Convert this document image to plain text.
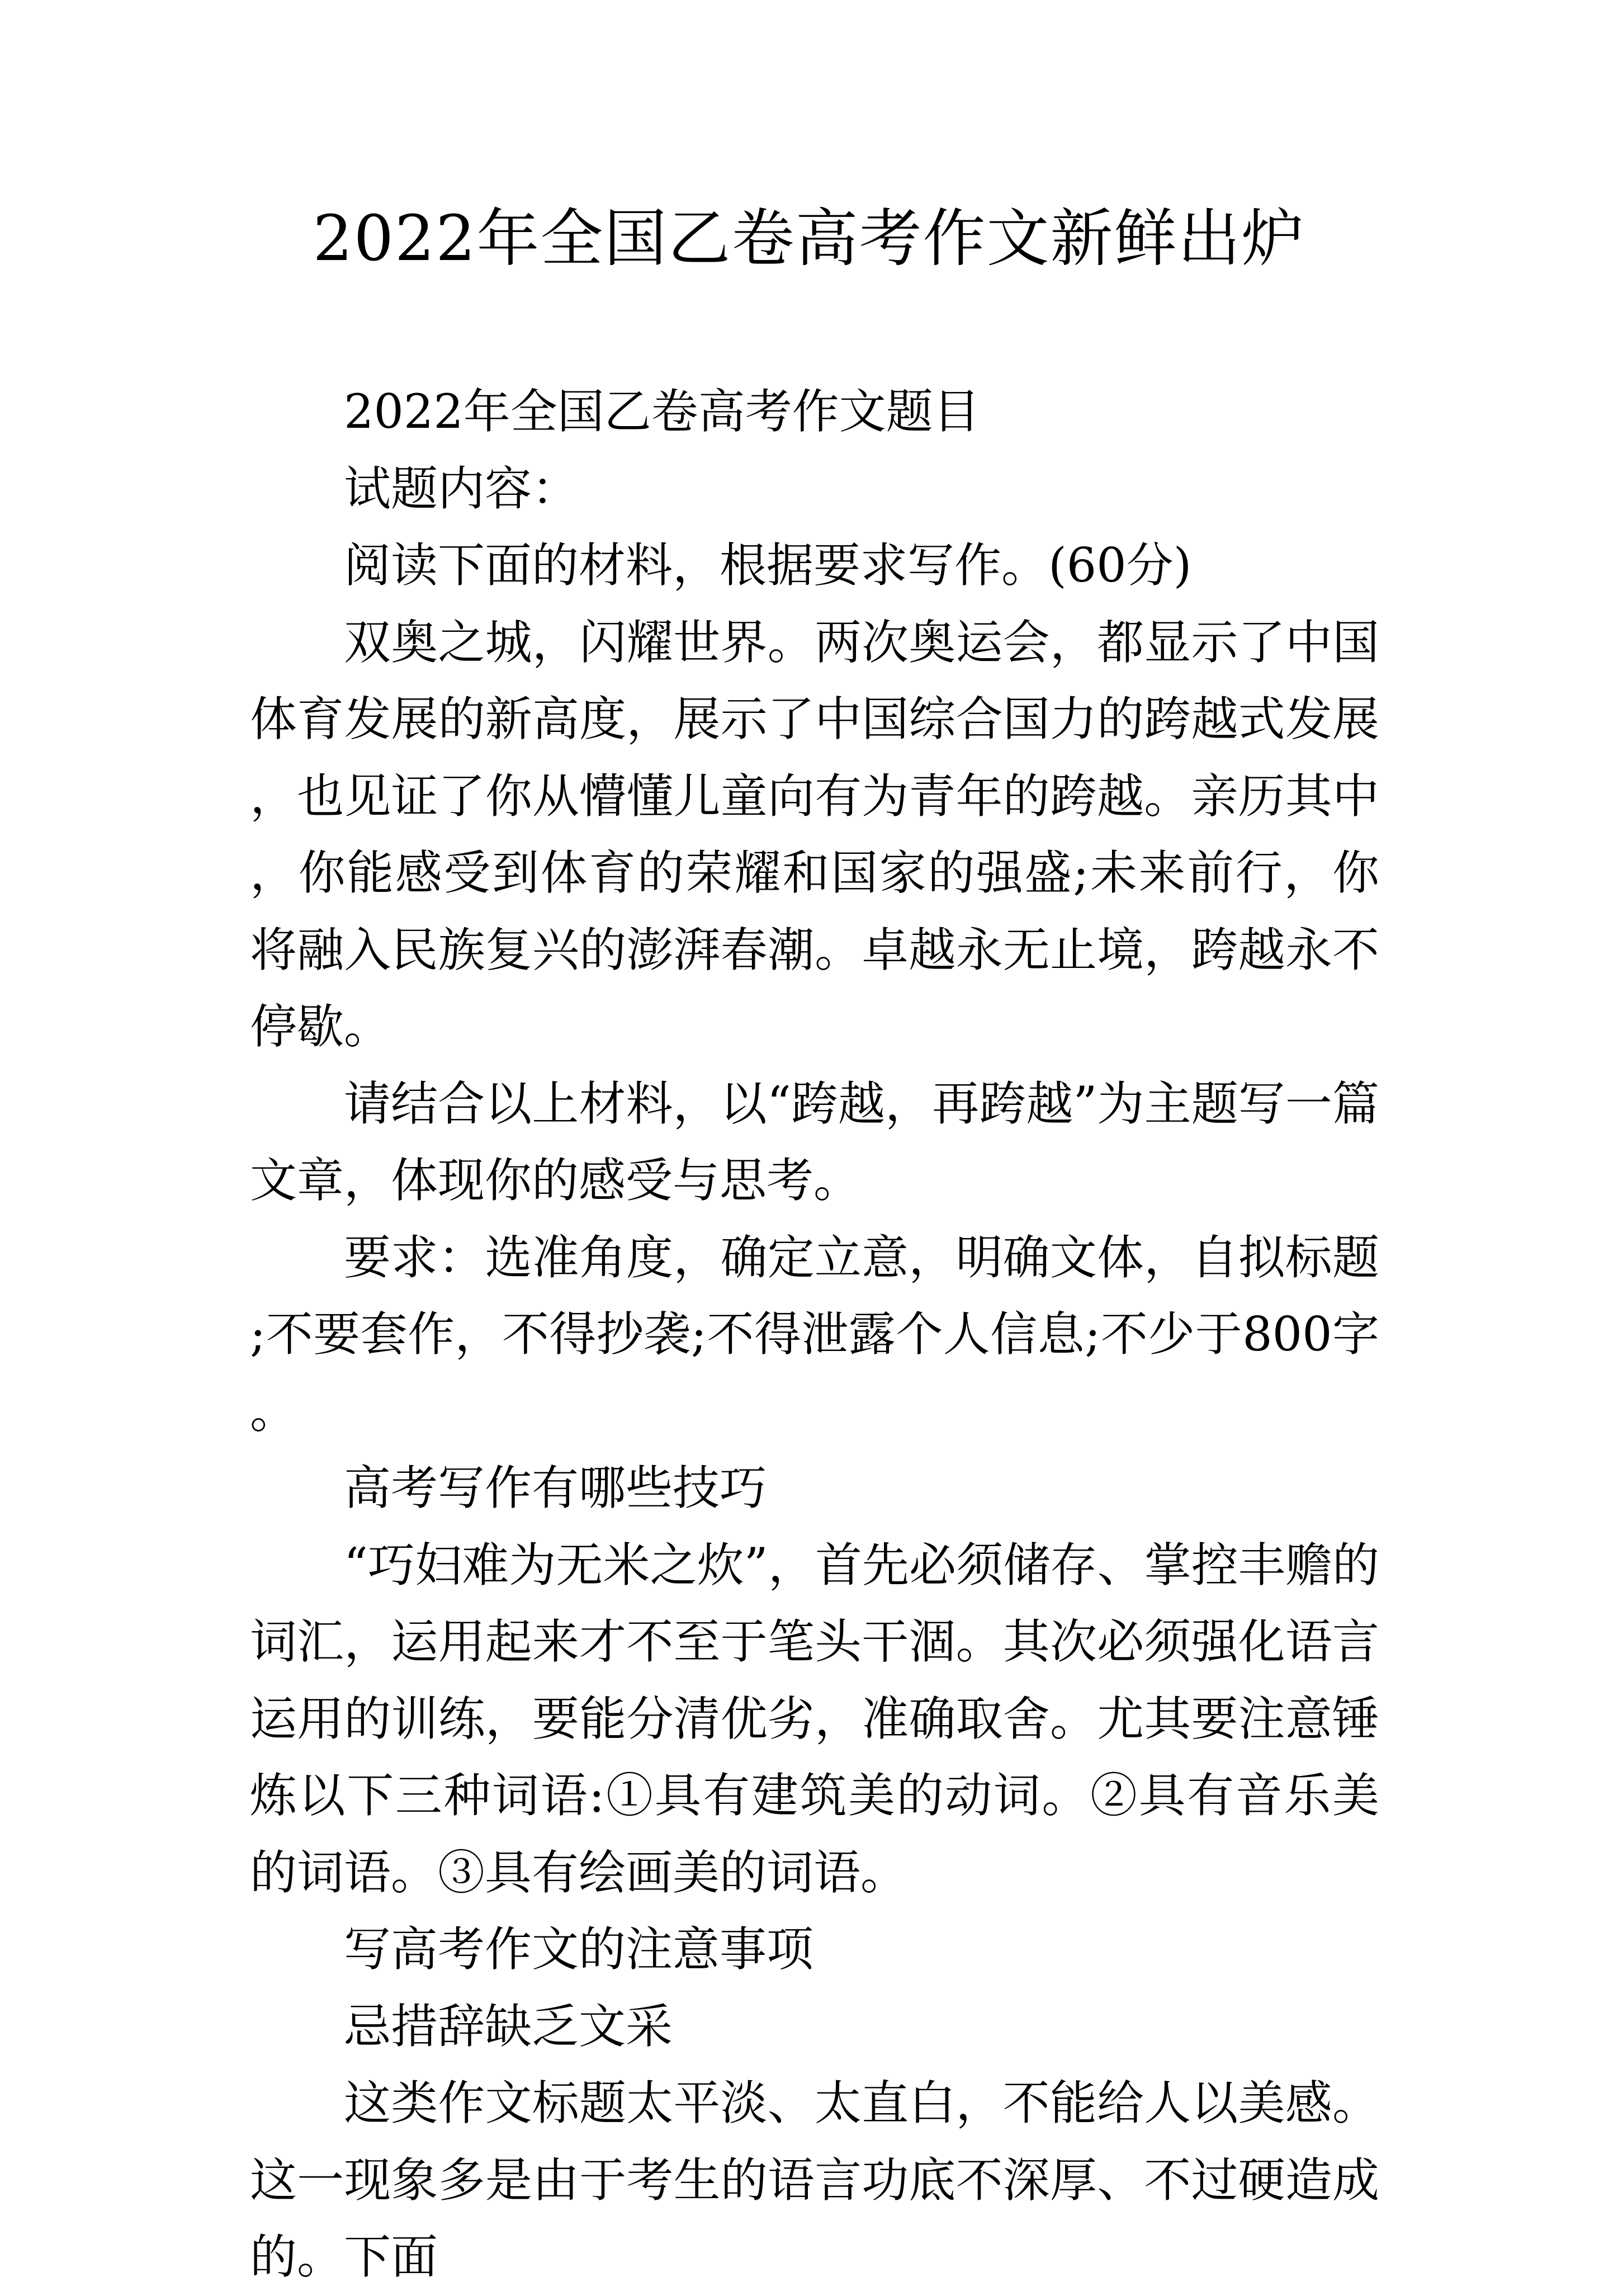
2022年全国乙卷高考作文新鲜出炉

2022年全国乙卷高考作文题目

试题内容：

阅读下面的材料，根据要求写作。(60分)

双奥之城，闪耀世界。两次奥运会，都显示了中国体育发展的新高度，展示了中国综合国力的跨越式发展，也见证了你从懵懂儿童向有为青年的跨越。亲历其中，你能感受到体育的荣耀和国家的强盛;未来前行，你将融入民族复兴的澎湃春潮。卓越永无止境，跨越永不停歇。

请结合以上材料，以“跨越，再跨越”为主题写一篇文章，体现你的感受与思考。

要求：选准角度，确定立意，明确文体，自拟标题;不要套作，不得抄袭;不得泄露个人信息;不少于800字。

高考写作有哪些技巧

“巧妇难为无米之炊”，首先必须储存、掌控丰赡的词汇，运用起来才不至于笔头干涸。其次必须强化语言运用的训练，要能分清优劣，准确取舍。尤其要注意锤炼以下三种词语:①具有建筑美的动词。②具有音乐美的词语。③具有绘画美的词语。

写高考作文的注意事项

忌措辞缺乏文采

这类作文标题太平淡、太直白，不能给人以美感。这一现象多是由于考生的语言功底不深厚、不过硬造成的。下面
